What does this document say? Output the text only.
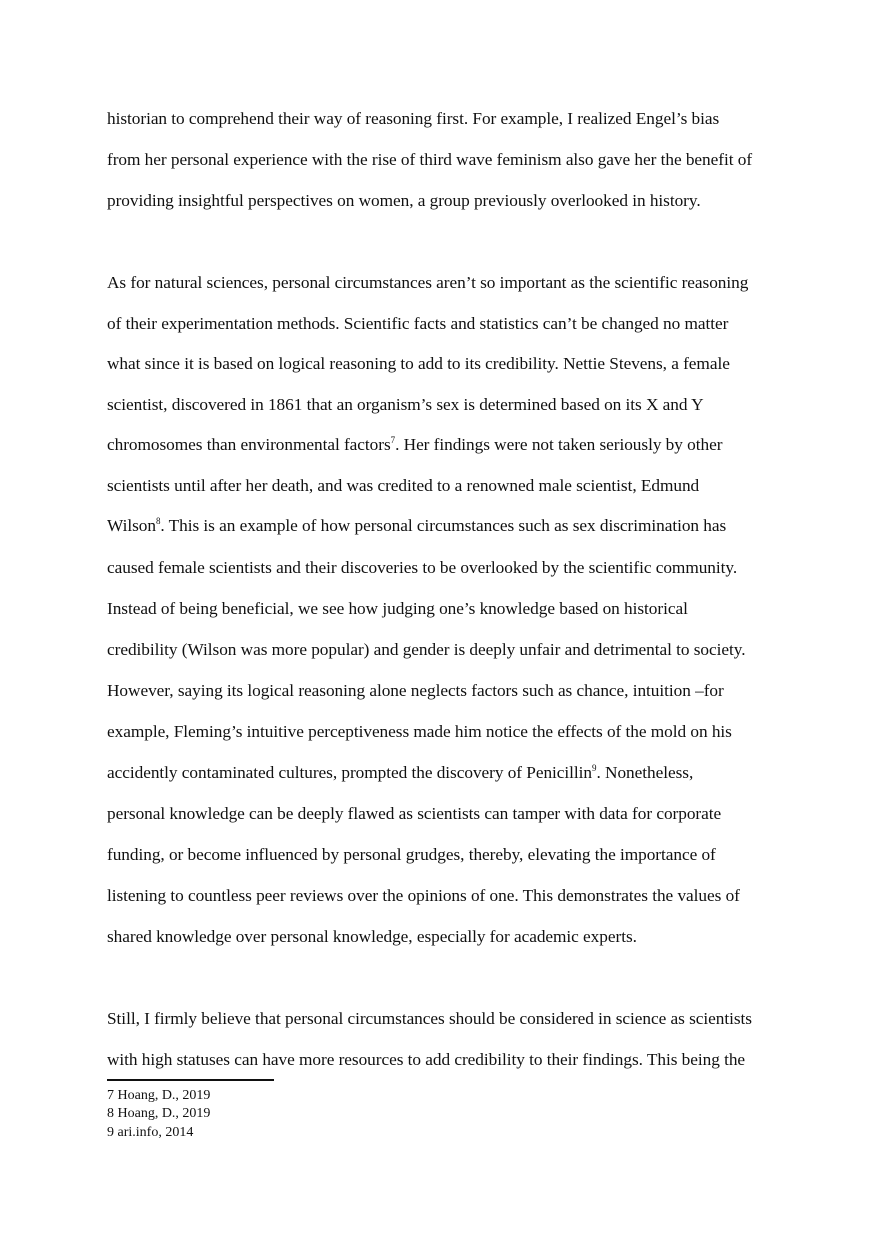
historian to comprehend their way of reasoning first. For example, I realized Engel’s bias
from her personal experience with the rise of third wave feminism also gave her the benefit of
providing insightful perspectives on women, a group previously overlooked in history.
As for natural sciences, personal circumstances aren’t so important as the scientific reasoning
of their experimentation methods. Scientific facts and statistics can’t be changed no matter
what since it is based on logical reasoning to add to its credibility. Nettie Stevens, a female
scientist, discovered in 1861 that an organism’s sex is determined based on its X and Y
chromosomes than environmental factors$^7$. Her findings were not taken seriously by other
scientists until after her death, and was credited to a renowned male scientist, Edmund
Wilson$^8$. This is an example of how personal circumstances such as sex discrimination has
caused female scientists and their discoveries to be overlooked by the scientific community.
Instead of being beneficial, we see how judging one’s knowledge based on historical
credibility (Wilson was more popular) and gender is deeply unfair and detrimental to society.
However, saying its logical reasoning alone neglects factors such as chance, intuition –for
example, Fleming’s intuitive perceptiveness made him notice the effects of the mold on his
accidently contaminated cultures, prompted the discovery of Penicillin$^9$. Nonetheless,
personal knowledge can be deeply flawed as scientists can tamper with data for corporate
funding, or become influenced by personal grudges, thereby, elevating the importance of
listening to countless peer reviews over the opinions of one. This demonstrates the values of
shared knowledge over personal knowledge, especially for academic experts.
Still, I firmly believe that personal circumstances should be considered in science as scientists
with high statuses can have more resources to add credibility to their findings. This being the
7 Hoang, D., 2019
8 Hoang, D., 2019
9 ari.info, 2014
